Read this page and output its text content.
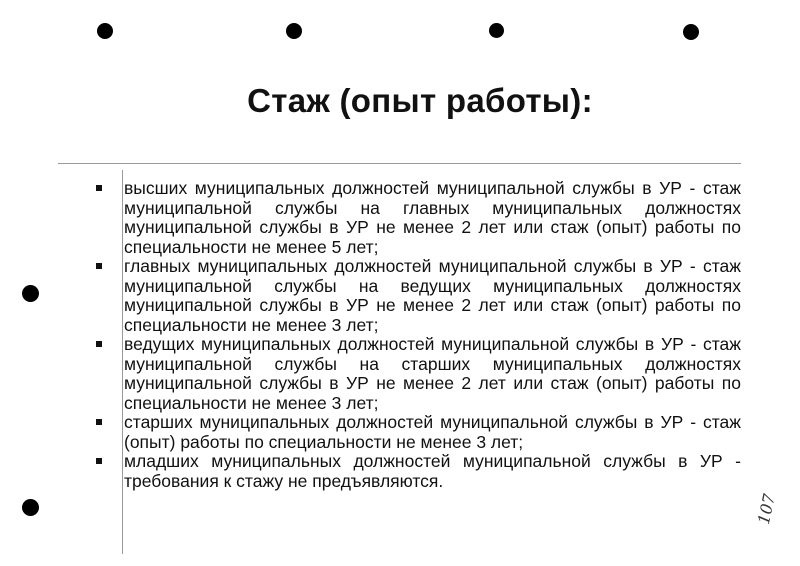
Стаж (опыт работы):
высших муниципальных должностей муниципальной службы в УР - стаж муниципальной службы на главных муниципальных должностях муниципальной службы в УР не менее 2 лет или стаж (опыт) работы по специальности не менее 5 лет;
главных муниципальных должностей муниципальной службы в УР - стаж муниципальной службы на ведущих муниципальных должностях муниципальной службы в УР не менее 2 лет или стаж (опыт) работы по специальности не менее 3 лет;
ведущих муниципальных должностей муниципальной службы в УР - стаж муниципальной службы на старших муниципальных должностях муниципальной службы в УР не менее 2 лет или стаж (опыт) работы по специальности не менее 3 лет;
старших муниципальных должностей муниципальной службы в УР - стаж (опыт) работы по специальности не менее 3 лет;
младших муниципальных должностей муниципальной службы в УР - требования к стажу не предъявляются.
107
